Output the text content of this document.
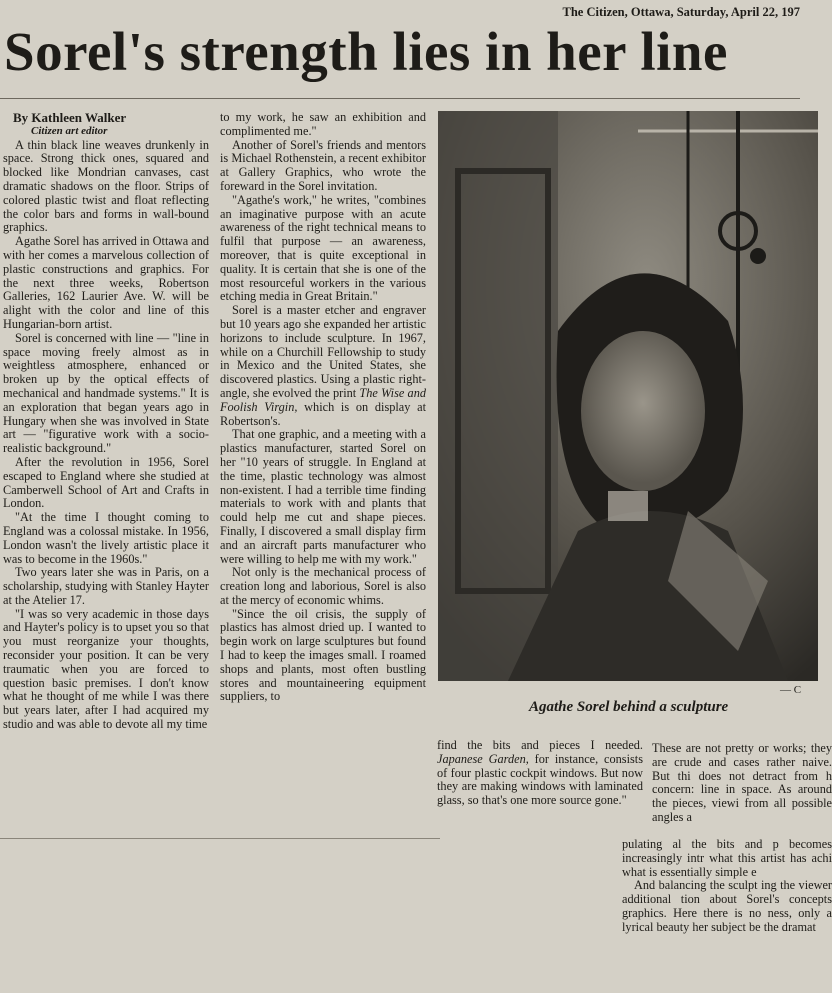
The Citizen, Ottawa, Saturday, April 22, 197
Sorel's strength lies in her line
By Kathleen Walker
Citizen art editor

A thin black line weaves drunkenly in space. Strong thick ones, squared and blocked like Mondrian canvases, cast dramatic shadows on the floor. Strips of colored plastic twist and float reflecting the color bars and forms in wall-bound graphics.

Agathe Sorel has arrived in Ottawa and with her comes a marvelous collection of plastic constructions and graphics. For the next three weeks, Robertson Galleries, 162 Laurier Ave. W. will be alight with the color and line of this Hungarian-born artist.

Sorel is concerned with line — "line in space moving freely almost as in weightless atmosphere, enhanced or broken up by the optical effects of mechanical and handmade systems." It is an exploration that began years ago in Hungary when she was involved in State art — "figurative work with a socio-realistic background."

After the revolution in 1956, Sorel escaped to England where she studied at Camberwell School of Art and Crafts in London.

"At the time I thought coming to England was a colossal mistake. In 1956, London wasn't the lively artistic place it was to become in the 1960s."

Two years later she was in Paris, on a scholarship, studying with Stanley Hayter at the Atelier 17.

"I was so very academic in those days and Hayter's policy is to upset you so that you must reorganize your thoughts, reconsider your position. It can be very traumatic when you are forced to question basic premises. I don't know what he thought of me while I was there but years later, after I had acquired my studio and was able to devote all my time

to my work, he saw an exhibition and complimented me."

Another of Sorel's friends and mentors is Michael Rothenstein, a recent exhibitor at Gallery Graphics, who wrote the foreward in the Sorel invitation.

"Agathe's work," he writes, "combines an imaginative purpose with an acute awareness of the right technical means to fulfil that purpose — an awareness, moreover, that is quite exceptional in quality. It is certain that she is one of the most resourceful workers in the various etching media in Great Britain."

Sorel is a master etcher and engraver but 10 years ago she expanded her artistic horizons to include sculpture. In 1967, while on a Churchill Fellowship to study in Mexico and the United States, she discovered plastics. Using a plastic right-angle, she evolved the print The Wise and Foolish Virgin, which is on display at Robertson's.

That one graphic, and a meeting with a plastics manufacturer, started Sorel on her "10 years of struggle. In England at the time, plastic technology was almost non-existent. I had a terrible time finding materials to work with and plants that could help me cut and shape pieces. Finally, I discovered a small display firm and an aircraft parts manufacturer who were willing to help me with my work."

Not only is the mechanical process of creation long and laborious, Sorel is also at the mercy of economic whims.

"Since the oil crisis, the supply of plastics has almost dried up. I wanted to begin work on large sculptures but found I had to keep the images small. I roamed shops and plants, most often bustling stores and mountaineering equipment suppliers, to	— C
Agathe Sorel behind a sculpture

find the bits and pieces I needed. Japanese Garden, for instance, consists of four plastic cockpit windows. But now they are making windows with laminated glass, so that's one more source gone."

These are not pretty or works; they are crude and cases rather naive. But thi does not detract from h concern: line in space. As around the pieces, viewi from all possible angles a

pulating al the bits and p becomes increasingly intr what this artist has achi what is essentially simple e

And balancing the sculpt ing the viewer additional tion about Sorel's concepts graphics. Here there is no ness, only a lyrical beauty her subject be the dramat
